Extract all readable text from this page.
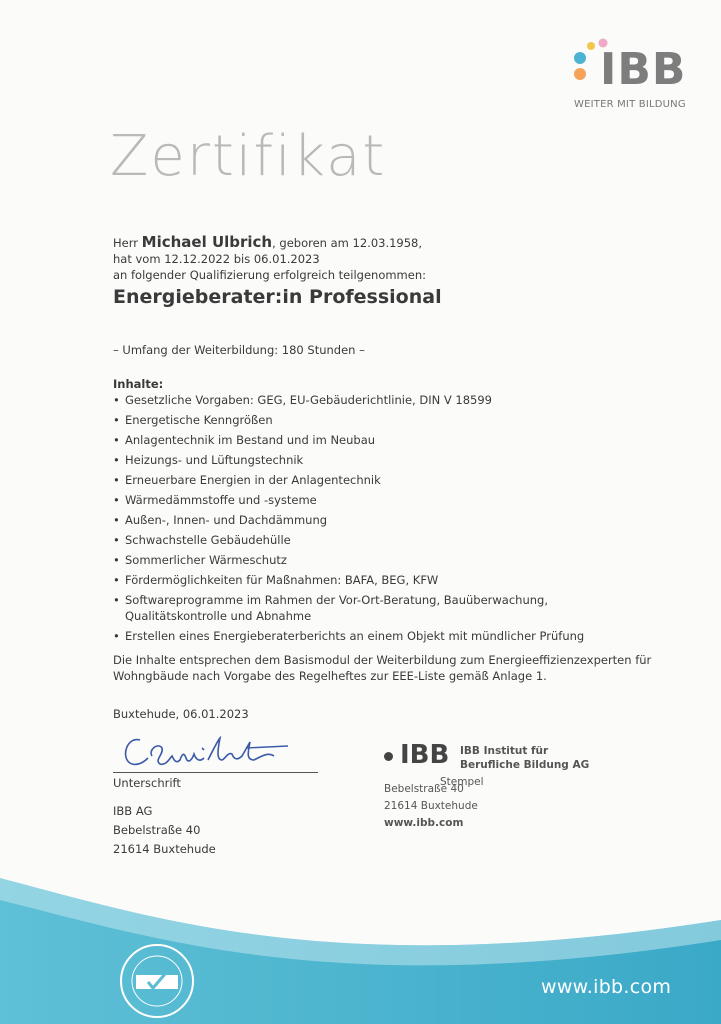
IBB
WEITER MIT BILDUNG
Zertifikat
Herr Michael Ulbrich, geboren am 12.03.1958,
hat vom 12.12.2022 bis 06.01.2023
an folgender Qualifizierung erfolgreich teilgenommen:
Energieberater:in Professional
– Umfang der Weiterbildung: 180 Stunden –
Inhalte:
• Gesetzliche Vorgaben: GEG, EU-Gebäuderichtlinie, DIN V 18599
• Energetische Kenngrößen
• Anlagentechnik im Bestand und im Neubau
• Heizungs- und Lüftungstechnik
• Erneuerbare Energien in der Anlagentechnik
• Wärmedämmstoffe und -systeme
• Außen-, Innen- und Dachdämmung
• Schwachstelle Gebäudehülle
• Sommerlicher Wärmeschutz
• Fördermöglichkeiten für Maßnahmen: BAFA, BEG, KFW
• Softwareprogramme im Rahmen der Vor-Ort-Beratung, Bauüberwachung, Qualitätskontrolle und Abnahme
• Erstellen eines Energieberaterberichts an einem Objekt mit mündlicher Prüfung
Die Inhalte entsprechen dem Basismodul der Weiterbildung zum Energieeffizienzexperten für Wohngbäude nach Vorgabe des Regelheftes zur EEE-Liste gemäß Anlage 1.
Buxtehude, 06.01.2023
Unterschrift
IBB AG
Bebelstraße 40
21614 Buxtehude
IBB IBB Institut für
Berufliche Bildung AG
Stempel
Bebelstraße 40
21614 Buxtehude
www.ibb.com
www.ibb.com
